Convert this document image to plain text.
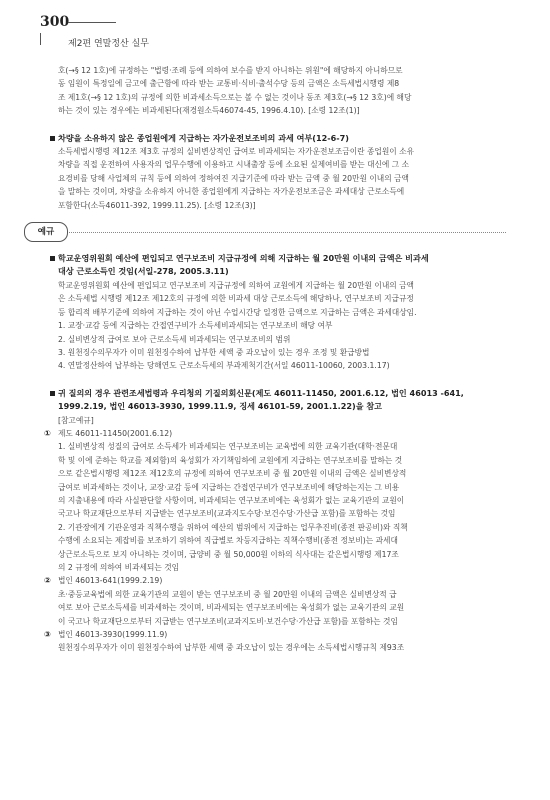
300
제2편 연말정산 실무

호(→§ 12 1호)에 규정하는 "법령·조례 등에 의하여 보수를 받지 아니하는 위원"에 해당하지 아니하므로

동 임원이 특정일에 금고에 출근함에 따라 받는 교통비·식비·출석수당 등의 금액은 소득세법시행령 제8

조 제1호(→§ 12 1호)의 규정에 의한 비과세소득으로는 볼 수 없는 것이나 동조 제3호(→§ 12 3호)에 해당

하는 것이 있는 경우에는 비과세된다(재경원소득46074-45, 1996.4.10). [소령 12조(1)]

차량을 소유하지 않은 종업원에게 지급하는 자가운전보조비의 과세 여부(12-6-7)

소득세법시행령 제12조 제3호 규정의 실비변상적인 급여로 비과세되는 자가운전보조금이란 종업원이 소유

차량을 직접 운전하여 사용자의 업무수행에 이용하고 시내출장 등에 소요된 실제여비를 받는 대신에 그 소

요경비를 당해 사업체의 규칙 등에 의하여 정하여진 지급기준에 따라 받는 금액 중 월 20만원 이내의 금액

을 말하는 것이며, 차량을 소유하지 아니한 종업원에게 지급하는 자가운전보조금은 과세대상 근로소득에

포함한다(소득46011-392, 1999.11.25). [소령 12조(3)]

예규

학교운영위원회 예산에 편입되고 연구보조비 지급규정에 의해 지급하는 월 20만원 이내의 금액은 비과세

대상 근로소득인 것임(서일-278, 2005.3.11)

학교운영위원회 예산에 편입되고 연구보조비 지급규정에 의하여 교원에게 지급하는 월 20만원 이내의 금액

은 소득세법 시행령 제12조 제12호의 규정에 의한 비과세 대상 근로소득에 해당하나, 연구보조비 지급규정

등 합리적 배부기준에 의하여 지급하는 것이 아닌 수업시간당 일정한 금액으로 지급하는 금액은 과세대상임.

1. 교장·교감 등에 지급하는 간접연구비가 소득세비과세되는 연구보조비 해당 여부

2. 실비변상적 급여로 보아 근로소득세 비과세되는 연구보조비의 범위

3. 원천징수의무자가 이미 원천징수하여 납부한 세액 중 과오납이 있는 경우 조정 및 환급방법

4. 연말정산하여 납부하는 당해연도 근로소득세의 부과제척기간(서일 46011-10060, 2003.1.17)

귀 질의의 경우 관련조세법령과 우리청의 기질의회신문(제도 46011-11450, 2001.6.12, 법인 46013 -641,

1999.2.19, 법인 46013-3930, 1999.11.9, 징세 46101-59, 2001.1.22)을 참고

[참고예규]

① 제도 46011-11450(2001.6.12)

1. 실비변상적 성질의 급여로 소득세가 비과세되는 연구보조비는 교육법에 의한 교육기관(대학·전문대

학 및 이에 준하는 학교를 제외함)의 육성회가 자기책임하에 교원에게 지급하는 연구보조비를 말하는 것

으로 같은법시행령 제12조 제12호의 규정에 의하여 연구보조비 중 월 20만원 이내의 금액은 실비변상적

급여로 비과세하는 것이나, 교장·교감 등에 지급하는 간접연구비가 연구보조비에 해당하는지는 그 비용

의 지출내용에 따라 사실판단할 사항이며, 비과세되는 연구보조비에는 육성회가 없는 교육기관의 교원이

국고나 학교재단으로부터 지급받는 연구보조비(교과지도수당·보건수당·가산급 포함)를 포함하는 것임

2. 기관장에게 기관운영과 직책수행을 위하여 예산의 범위에서 지급하는 업무추진비(종전 판공비)와 직책

수행에 소요되는 제잡비를 보조하기 위하여 직급별로 차등지급하는 직책수행비(종전 정보비)는 과세대

상근로소득으로 보지 아니하는 것이며, 급양비 중 월 50,000원 이하의 식사대는 같은법시행령 제17조

의 2 규정에 의하여 비과세되는 것임

② 법인 46013-641(1999.2.19)

초·중등교육법에 의한 교육기관의 교원이 받는 연구보조비 중 월 20만원 이내의 금액은 실비변상적 급

여로 보아 근로소득세를 비과세하는 것이며, 비과세되는 연구보조비에는 육성회가 없는 교육기관의 교원

이 국고나 학교재단으로부터 지급받는 연구보조비(교과지도비·보건수당·가산급 포함)를 포함하는 것임

③ 법인 46013-3930(1999.11.9)

원천징수의무자가 이미 원천징수하여 납부한 세액 중 과오납이 있는 경우에는 소득세법시행규칙 제93조
